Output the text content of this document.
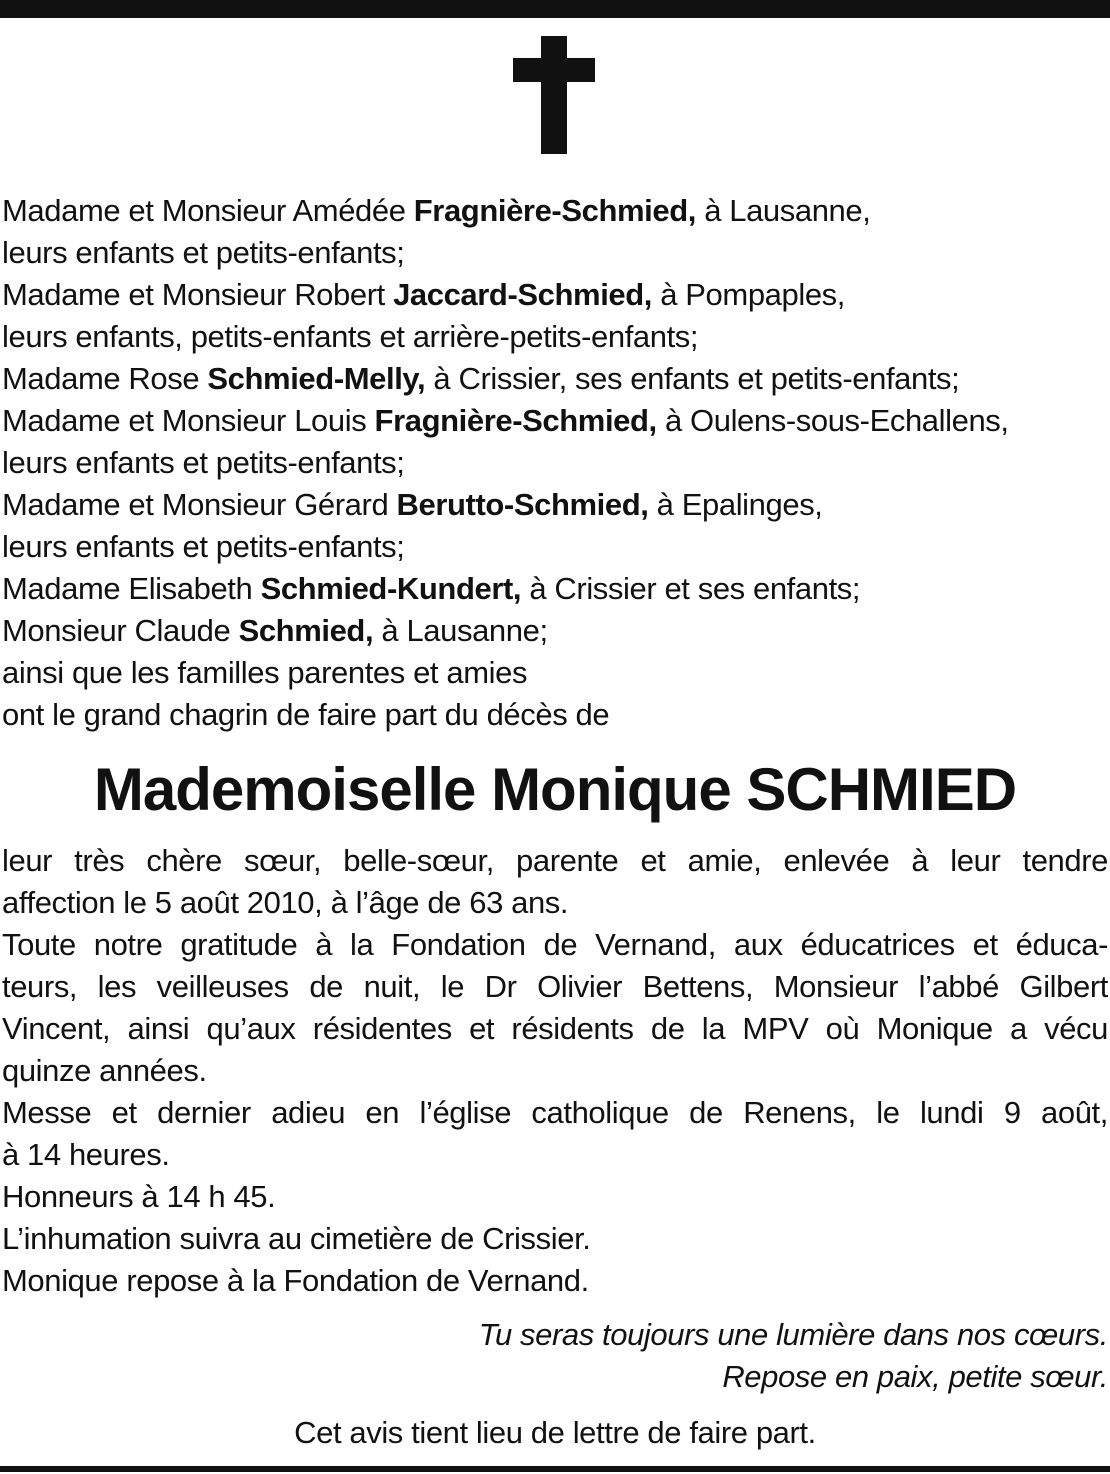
Madame et Monsieur Amédée Fragnière-Schmied, à Lausanne,
leurs enfants et petits-enfants;
Madame et Monsieur Robert Jaccard-Schmied, à Pompaples,
leurs enfants, petits-enfants et arrière-petits-enfants;
Madame Rose Schmied-Melly, à Crissier, ses enfants et petits-enfants;
Madame et Monsieur Louis Fragnière-Schmied, à Oulens-sous-Echallens,
leurs enfants et petits-enfants;
Madame et Monsieur Gérard Berutto-Schmied, à Epalinges,
leurs enfants et petits-enfants;
Madame Elisabeth Schmied-Kundert, à Crissier et ses enfants;
Monsieur Claude Schmied, à Lausanne;
ainsi que les familles parentes et amies
ont le grand chagrin de faire part du décès de
Mademoiselle Monique SCHMIED
leur très chère sœur, belle-sœur, parente et amie, enlevée à leur tendre
affection le 5 août 2010, à l’âge de 63 ans.
Toute notre gratitude à la Fondation de Vernand, aux éducatrices et éduca-
teurs, les veilleuses de nuit, le Dr Olivier Bettens, Monsieur l’abbé Gilbert
Vincent, ainsi qu’aux résidentes et résidents de la MPV où Monique a vécu
quinze années.
Messe et dernier adieu en l’église catholique de Renens, le lundi 9 août,
à 14 heures.
Honneurs à 14 h 45.
L’inhumation suivra au cimetière de Crissier.
Monique repose à la Fondation de Vernand.
Tu seras toujours une lumière dans nos cœurs.
Repose en paix, petite sœur.
Cet avis tient lieu de lettre de faire part.
